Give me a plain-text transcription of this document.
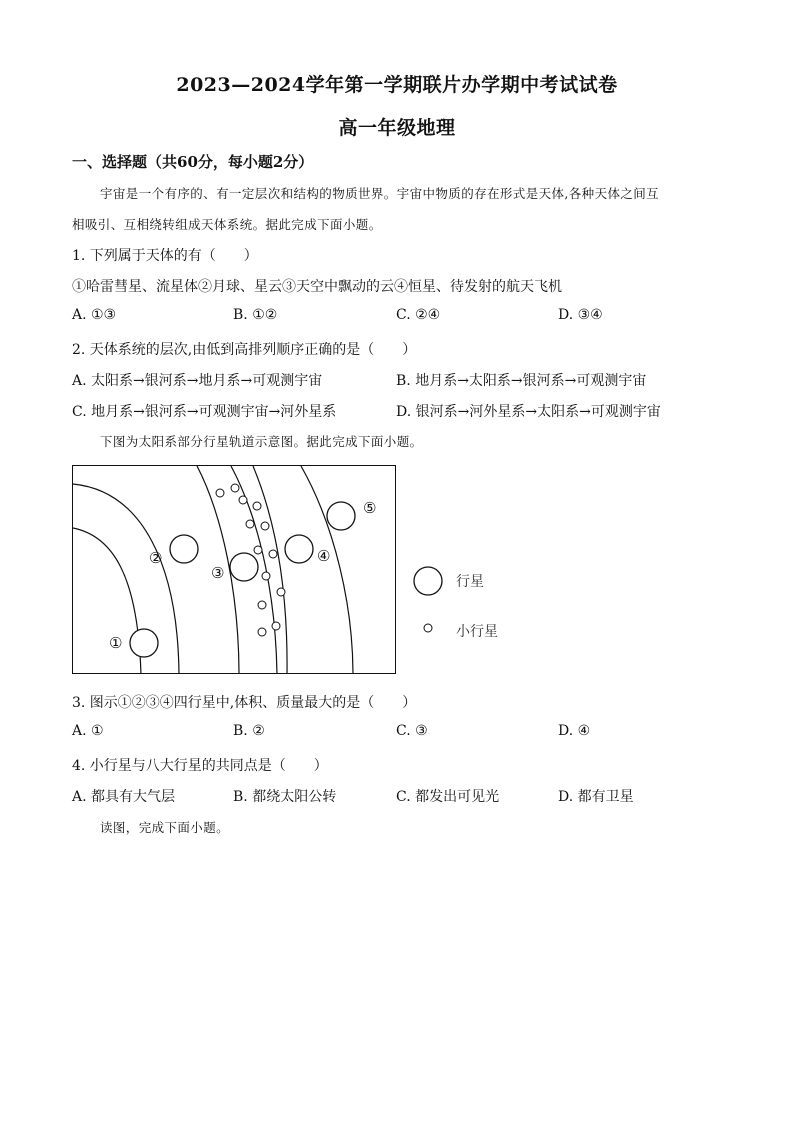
2023—2024学年第一学期联片办学期中考试试卷
高一年级地理
一、选择题（共60分，每小题2分）
宇宙是一个有序的、有一定层次和结构的物质世界。宇宙中物质的存在形式是天体,各种天体之间互
相吸引、互相绕转组成天体系统。据此完成下面小题。
1. 下列属于天体的有（　　）
①哈雷彗星、流星体②月球、星云③天空中飘动的云④恒星、待发射的航天飞机
A. ①③	B. ①②	C. ②④	D. ③④
2. 天体系统的层次,由低到高排列顺序正确的是（　　）
A. 太阳系→银河系→地月系→可观测宇宙	B. 地月系→太阳系→银河系→可观测宇宙
C. 地月系→银河系→可观测宇宙→河外星系	D. 银河系→河外星系→太阳系→可观测宇宙
下图为太阳系部分行星轨道示意图。据此完成下面小题。
①
②
③
④
⑤
行星
小行星
3. 图示①②③④四行星中,体积、质量最大的是（　　）
A. ①	B. ②	C. ③	D. ④
4. 小行星与八大行星的共同点是（　　）
A. 都具有大气层	B. 都绕太阳公转	C. 都发出可见光	D. 都有卫星
读图，完成下面小题。
